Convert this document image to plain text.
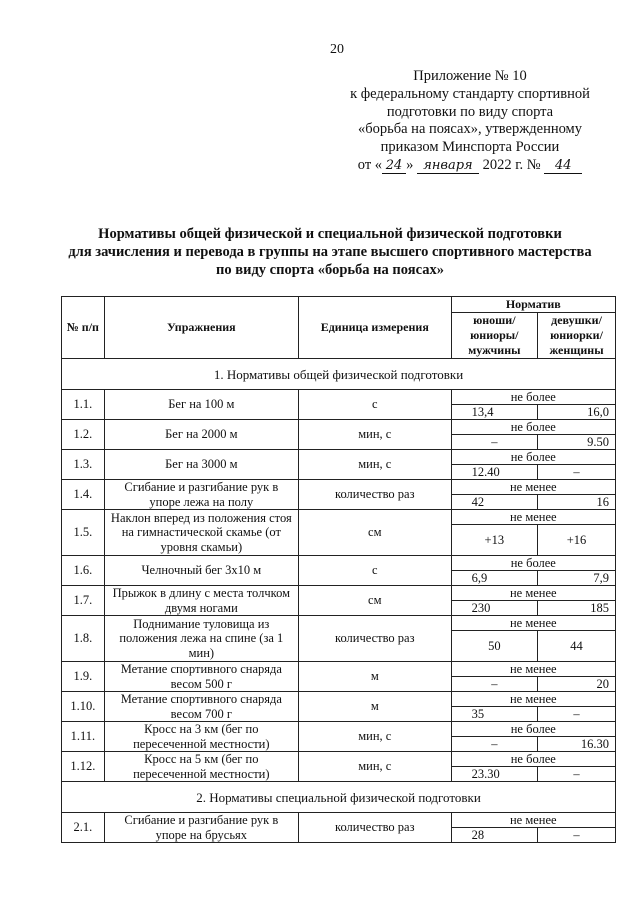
20
Приложение № 10
к федеральному стандарту спортивной
подготовки по виду спорта
«борьба на поясах», утвержденному
приказом Минспорта России
от « 24 » января 2022 г. № 44
Нормативы общей физической и специальной физической подготовки
для зачисления и перевода в группы на этапе высшего спортивного мастерства
по виду спорта «борьба на поясах»
№ п/п	Упражнения	Единица измерения	Норматив	
			юноши/ юниоры/ мужчины	девушки/ юниорки/ женщины
1. Нормативы общей физической подготовки				
1.1.	Бег на 100 м	с	не более	
			13,4	16,0
1.2.	Бег на 2000 м	мин, с	не более	
			–	9.50
1.3.	Бег на 3000 м	мин, с	не более	
			12.40	–
1.4.	Сгибание и разгибание рук в упоре лежа на полу	количество раз	не менее	
			42	16
1.5.	Наклон вперед из положения стоя на гимнастической скамье (от уровня скамьи)	см	не менее	
			+13	+16
1.6.	Челночный бег 3х10 м	с	не более	
			6,9	7,9
1.7.	Прыжок в длину с места толчком двумя ногами	см	не менее	
			230	185
1.8.	Поднимание туловища из положения лежа на спине (за 1 мин)	количество раз	не менее	
			50	44
1.9.	Метание спортивного снаряда весом 500 г	м	не менее	
			–	20
1.10.	Метание спортивного снаряда весом 700 г	м	не менее	
			35	–
1.11.	Кросс на 3 км (бег по пересеченной местности)	мин, с	не более	
			–	16.30
1.12.	Кросс на 5 км (бег по пересеченной местности)	мин, с	не более	
			23.30	–
2. Нормативы специальной физической подготовки				
2.1.	Сгибание и разгибание рук в упоре на брусьях	количество раз	не менее	
			28	–
